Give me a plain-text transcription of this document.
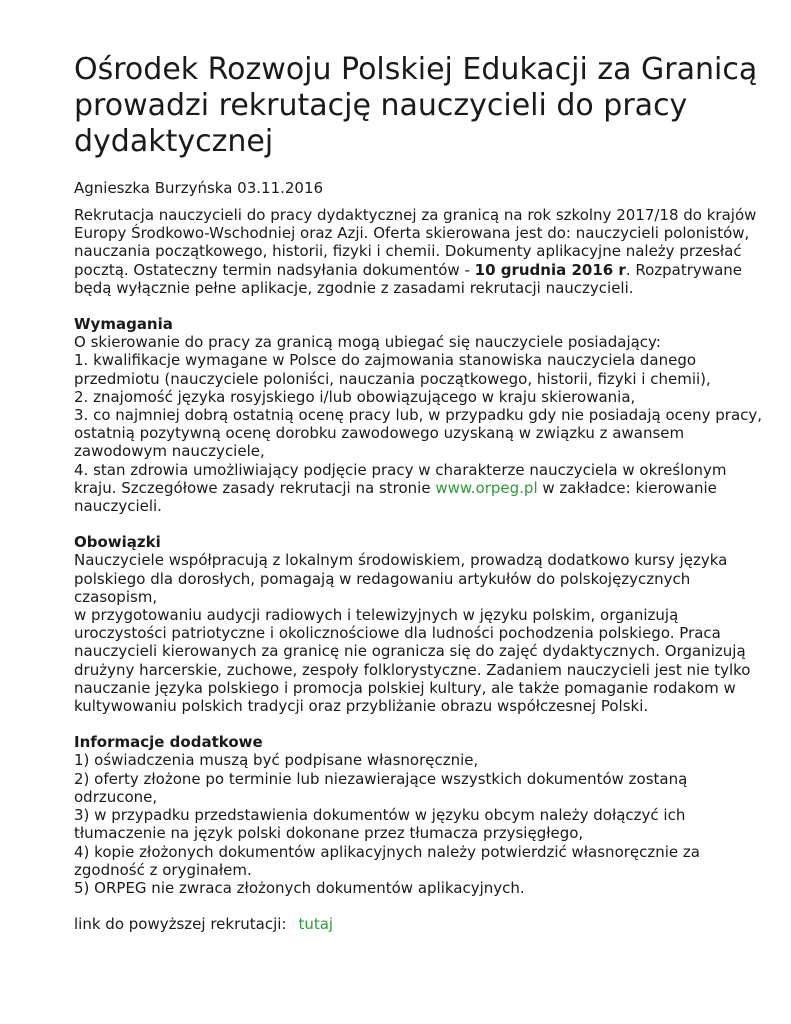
Ośrodek Rozwoju Polskiej Edukacji za Granicą prowadzi rekrutację nauczycieli do pracy dydaktycznej
Agnieszka Burzyńska 03.11.2016
Rekrutacja nauczycieli do pracy dydaktycznej za granicą na rok szkolny 2017/18 do krajów Europy Środkowo-Wschodniej oraz Azji. Oferta skierowana jest do: nauczycieli polonistów, nauczania początkowego, historii, fizyki i chemii. Dokumenty aplikacyjne należy przesłać pocztą. Ostateczny termin nadsyłania dokumentów - 10 grudnia 2016 r. Rozpatrywane będą wyłącznie pełne aplikacje, zgodnie z zasadami rekrutacji nauczycieli.
Wymagania
O skierowanie do pracy za granicą mogą ubiegać się nauczyciele posiadający:
1. kwalifikacje wymagane w Polsce do zajmowania stanowiska nauczyciela danego przedmiotu (nauczyciele poloniści, nauczania początkowego, historii, fizyki i chemii),
2. znajomość języka rosyjskiego i/lub obowiązującego w kraju skierowania,
3. co najmniej dobrą ostatnią ocenę pracy lub, w przypadku gdy nie posiadają oceny pracy, ostatnią pozytywną ocenę dorobku zawodowego uzyskaną w związku z awansem zawodowym nauczyciele,
4. stan zdrowia umożliwiający podjęcie pracy w charakterze nauczyciela w określonym kraju. Szczegółowe zasady rekrutacji na stronie www.orpeg.pl w zakładce: kierowanie nauczycieli.
Obowiązki
Nauczyciele współpracują z lokalnym środowiskiem, prowadzą dodatkowo kursy języka polskiego dla dorosłych, pomagają w redagowaniu artykułów do polskojęzycznych czasopism,
w przygotowaniu audycji radiowych i telewizyjnych w języku polskim, organizują uroczystości patriotyczne i okolicznościowe dla ludności pochodzenia polskiego. Praca nauczycieli kierowanych za granicę nie ogranicza się do zajęć dydaktycznych. Organizują drużyny harcerskie, zuchowe, zespoły folklorystyczne. Zadaniem nauczycieli jest nie tylko nauczanie języka polskiego i promocja polskiej kultury, ale także pomaganie rodakom w kultywowaniu polskich tradycji oraz przybliżanie obrazu współczesnej Polski.
Informacje dodatkowe
1) oświadczenia muszą być podpisane własnoręcznie,
2) oferty złożone po terminie lub niezawierające wszystkich dokumentów zostaną odrzucone,
3) w przypadku przedstawienia dokumentów w języku obcym należy dołączyć ich tłumaczenie na język polski dokonane przez tłumacza przysięgłego,
4) kopie złożonych dokumentów aplikacyjnych należy potwierdzić własnoręcznie za zgodność z oryginałem.
5) ORPEG nie zwraca złożonych dokumentów aplikacyjnych.
link do powyższej rekrutacji: tutaj
